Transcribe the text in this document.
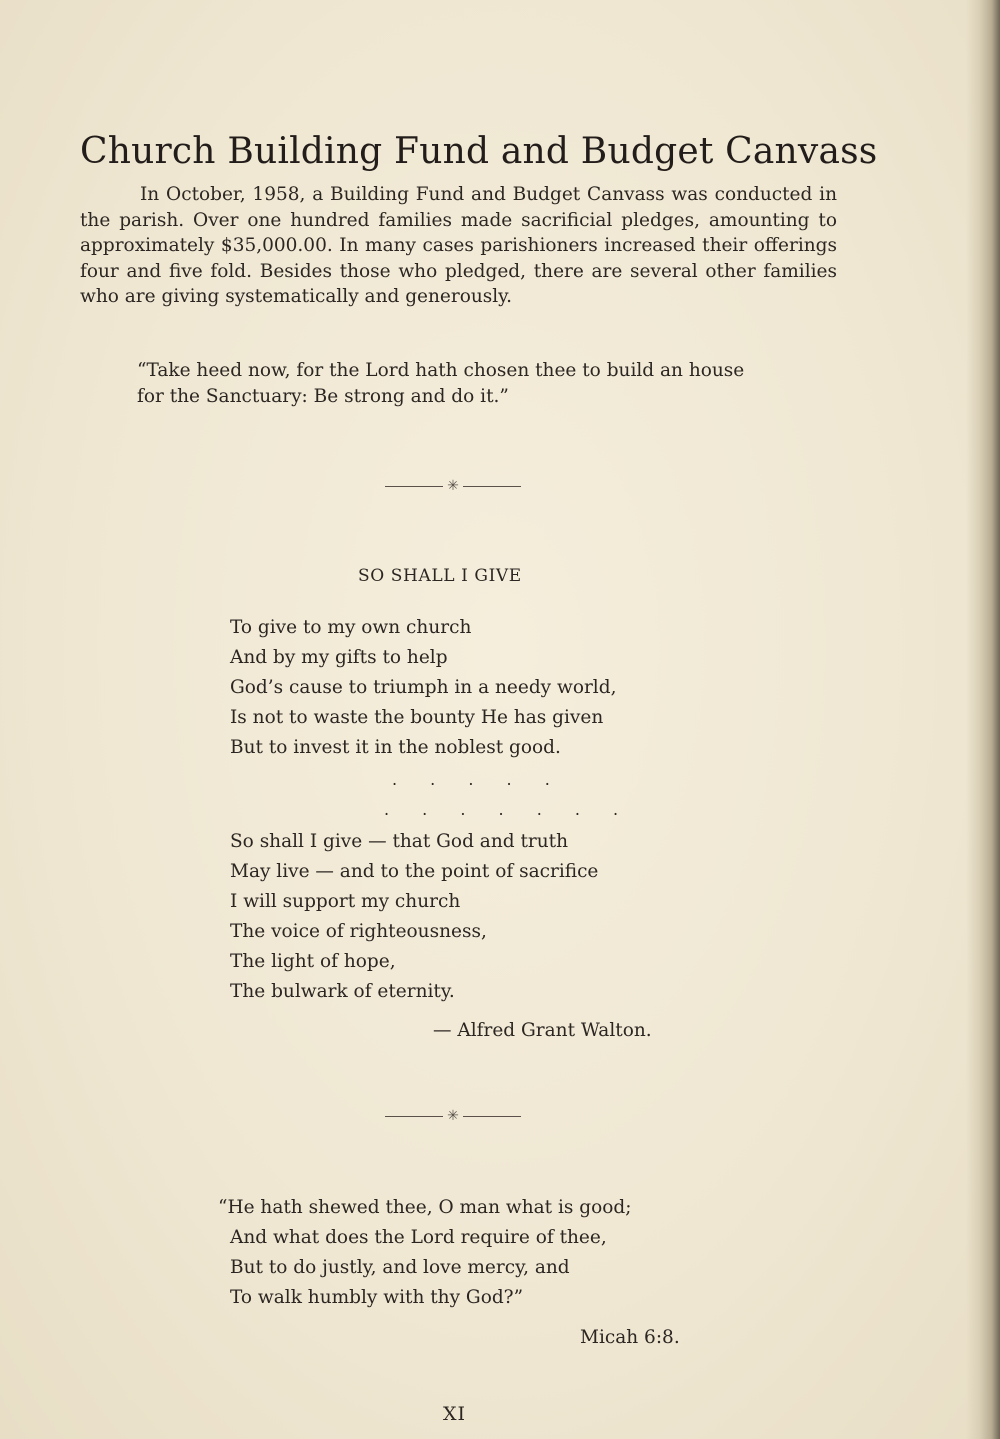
Church Building Fund and Budget Canvass

In October, 1958, a Building Fund and Budget Canvass was conducted in the parish. Over one hundred families made sacrificial pledges, amounting to approximately $35,000.00. In many cases parishioners increased their offerings four and five fold. Besides those who pledged, there are several other families who are giving systematically and generously.

“Take heed now, for the Lord hath chosen thee to build an house
for the Sanctuary: Be strong and do it.”
✳
SO SHALL I GIVE
To give to my own church
And by my gifts to help
God’s cause to triumph in a needy world,
Is not to waste the bounty He has given
But to invest it in the noblest good.
. . . . .
. . . . . . .
So shall I give — that God and truth
May live — and to the point of sacrifice
I will support my church
The voice of righteousness,
The light of hope,
The bulwark of eternity.
— Alfred Grant Walton.
✳
“He hath shewed thee, O man what is good;
And what does the Lord require of thee,
But to do justly, and love mercy, and
To walk humbly with thy God?”
Micah 6:8.
XI
